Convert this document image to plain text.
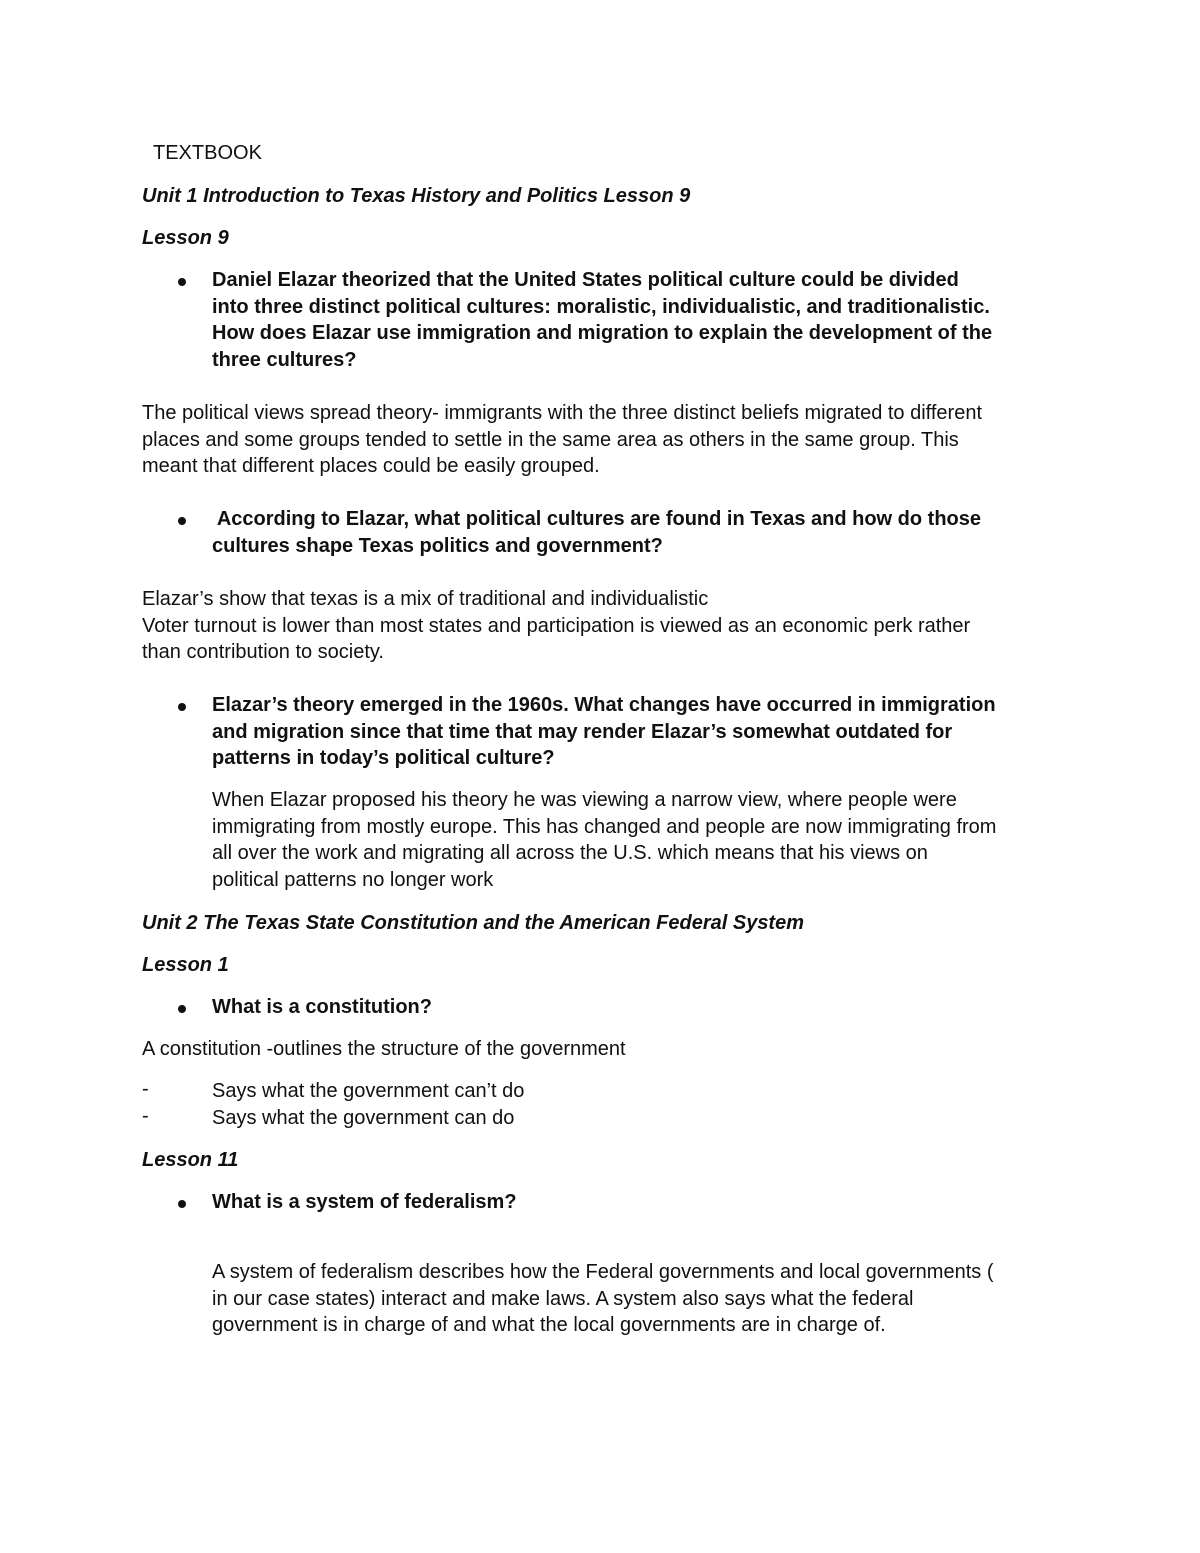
TEXTBOOK
Unit 1 Introduction to Texas History and Politics Lesson 9
Lesson 9
Daniel Elazar theorized that the United States political culture could be divided
into three distinct political cultures: moralistic, individualistic, and traditionalistic.
How does Elazar use immigration and migration to explain the development of the
three cultures?
The political views spread theory- immigrants with the three distinct beliefs migrated to different
places and some groups tended to settle in the same area as others in the same group. This
meant that different places could be easily grouped.
According to Elazar, what political cultures are found in Texas and how do those
cultures shape Texas politics and government?
Elazar’s show that texas is a mix of traditional and individualistic
Voter turnout is lower than most states and participation is viewed as an economic perk rather
than contribution to society.
Elazar’s theory emerged in the 1960s. What changes have occurred in immigration
and migration since that time that may render Elazar’s somewhat outdated for
patterns in today’s political culture?
When Elazar proposed his theory he was viewing a narrow view, where people were
immigrating from mostly europe. This has changed and people are now immigrating from
all over the work and migrating all across the U.S. which means that his views on
political patterns no longer work
Unit 2 The Texas State Constitution and the American Federal System
Lesson 1
What is a constitution?
A constitution -outlines the structure of the government
-	Says what the government can’t do
-	Says what the government can do
Lesson 11
What is a system of federalism?
A system of federalism describes how the Federal governments and local governments (
in our case states) interact and make laws. A system also says what the federal
government is in charge of and what the local governments are in charge of.
